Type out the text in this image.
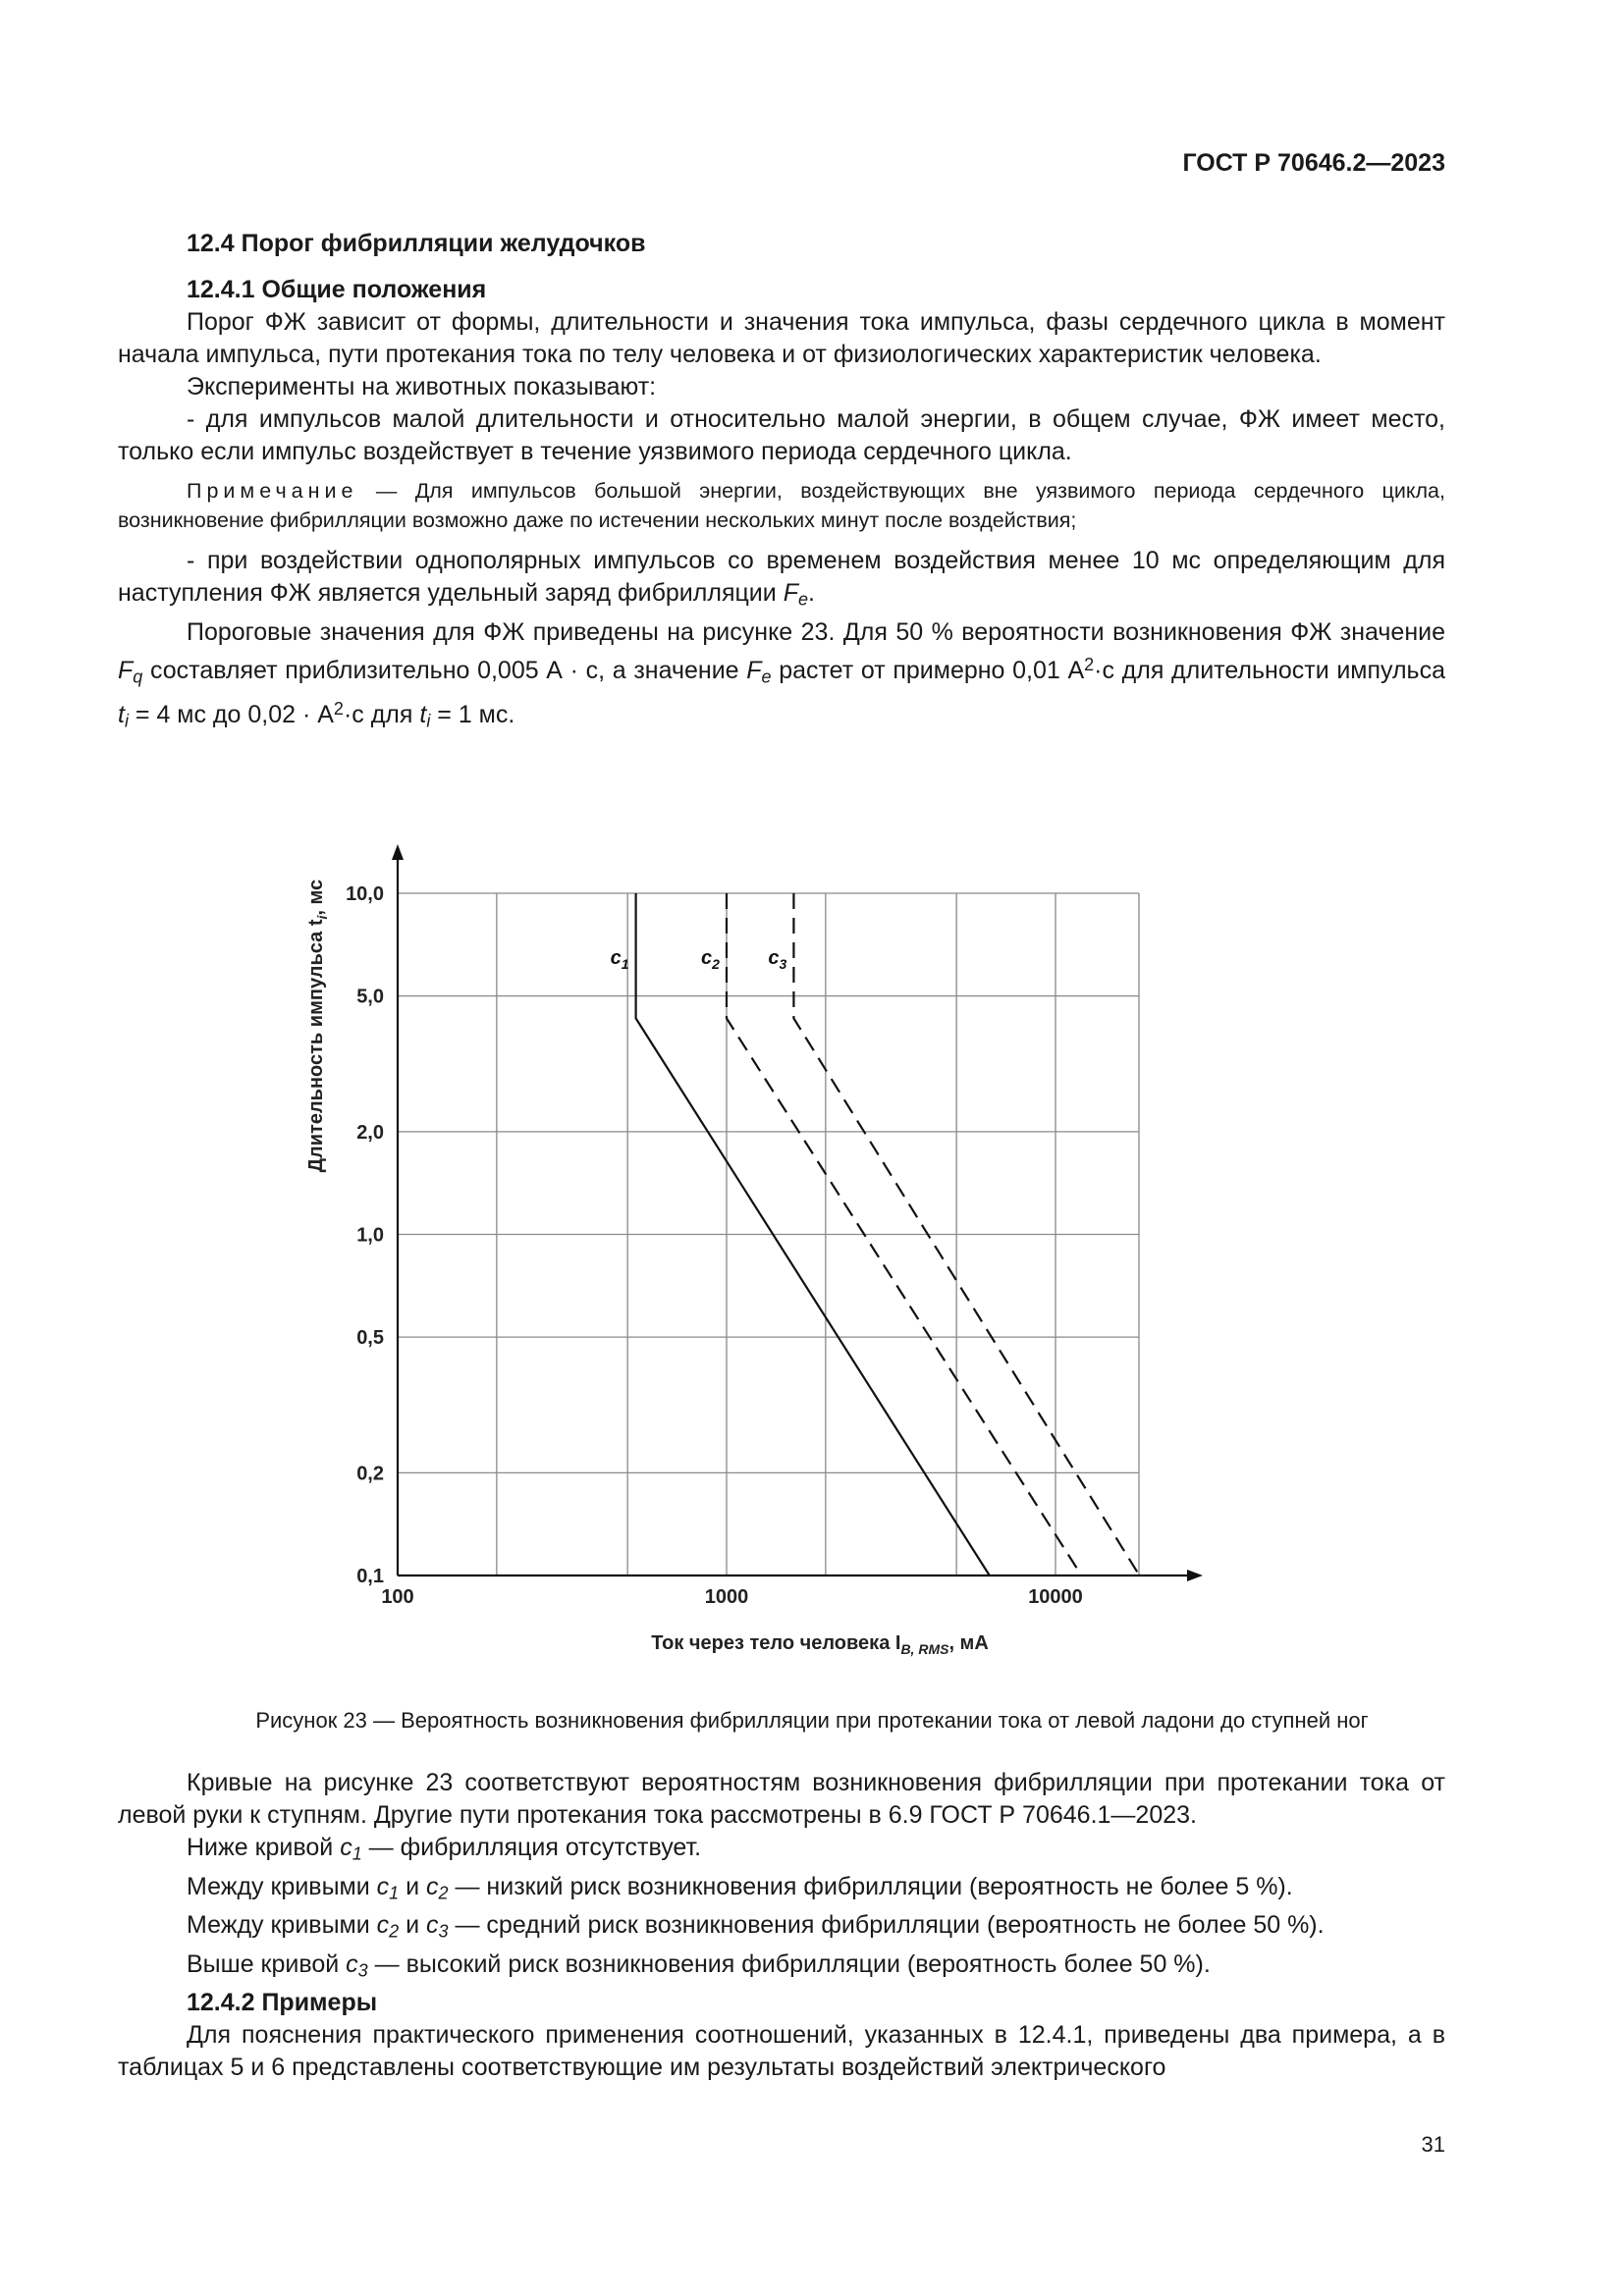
ГОСТ Р 70646.2—2023

12.4 Порог фибрилляции желудочков

12.4.1 Общие положения

Порог ФЖ зависит от формы, длительности и значения тока импульса, фазы сердечного цикла в момент начала импульса, пути протекания тока по телу человека и от физиологических характеристик человека.

Эксперименты на животных показывают:

- для импульсов малой длительности и относительно малой энергии, в общем случае, ФЖ имеет место, только если импульс воздействует в течение уязвимого периода сердечного цикла.

Примечание — Для импульсов большой энергии, воздействующих вне уязвимого периода сердечного цикла, возникновение фибрилляции возможно даже по истечении нескольких минут после воздействия;

- при воздействии однополярных импульсов со временем воздействия менее 10 мс определяющим для наступления ФЖ является удельный заряд фибрилляции $F_e$.

Пороговые значения для ФЖ приведены на рисунке 23. Для 50 % вероятности возникновения ФЖ значение $F_q$ составляет приблизительно 0,005 А · с, а значение $F_e$ растет от примерно 0,01 $А^2\cdot с$ для длительности импульса $t_i = 4$ мс до $0,02 \cdot А^2\cdot с$ для $t_i = 1$ мс.

100	1000	10000
0,1
0,2
0,5
1,0
2,0
5,0
10,0
$c_1$	$c_2$ $c_3$
Ток через тело человека $I_{B, RMS}$, мА
Длительность импульса $t_i$, мс
Рисунок 23 — Вероятность возникновения фибрилляции при протекании тока от левой ладони до ступней ног

Кривые на рисунке 23 соответствуют вероятностям возникновения фибрилляции при протекании тока от левой руки к ступням. Другие пути протекания тока рассмотрены в 6.9 ГОСТ Р 70646.1—2023.

Ниже кривой $c_1$ — фибрилляция отсутствует.

Между кривыми $c_1$ и $c_2$ — низкий риск возникновения фибрилляции (вероятность не более 5 %).

Между кривыми $c_2$ и $c_3$ — средний риск возникновения фибрилляции (вероятность не более 50 %).

Выше кривой $c_3$ — высокий риск возникновения фибрилляции (вероятность более 50 %).

12.4.2 Примеры

Для пояснения практического применения соотношений, указанных в 12.4.1, приведены два примера, а в таблицах 5 и 6 представлены соответствующие им результаты воздействий электрического

31
